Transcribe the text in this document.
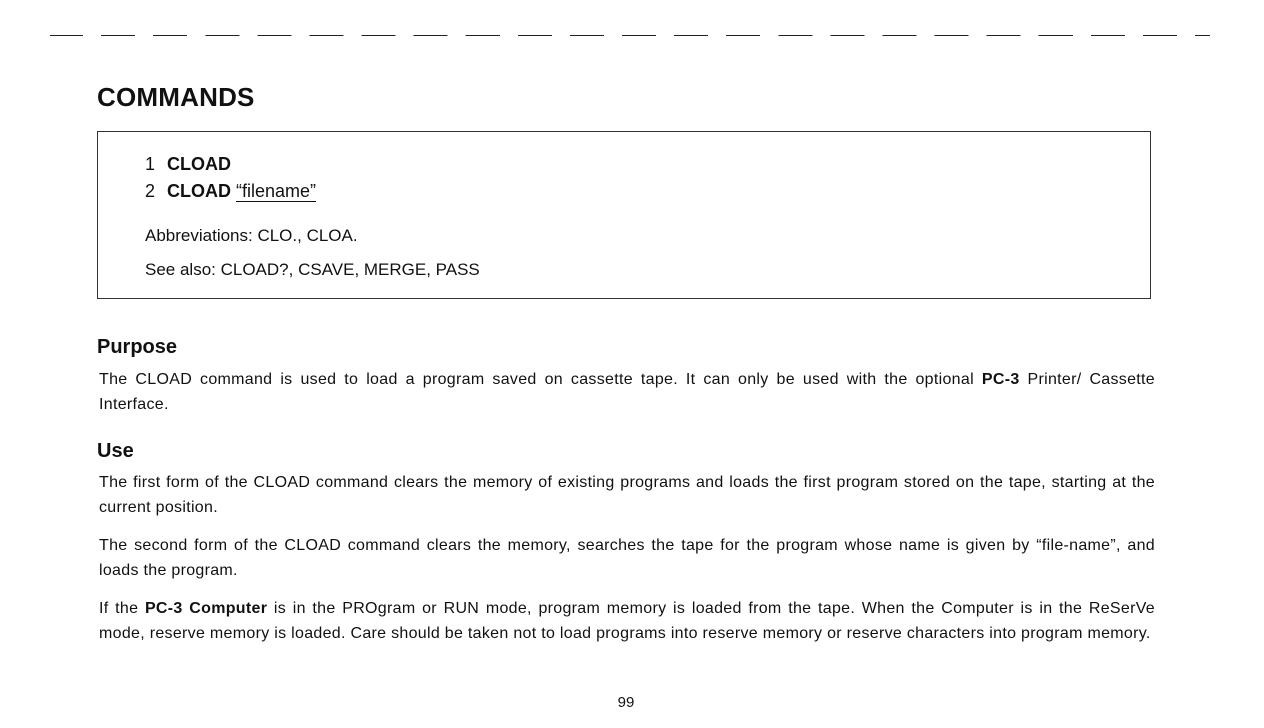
COMMANDS
1 CLOAD
2 CLOAD “filename”
Abbreviations: CLO., CLOA.
See also: CLOAD?, CSAVE, MERGE, PASS
Purpose
The CLOAD command is used to load a program saved on cassette tape. It can only be used with the optional PC-3 Printer/ Cassette Interface.
Use
The first form of the CLOAD command clears the memory of existing programs and loads the first program stored on the tape, starting at the current position.
The second form of the CLOAD command clears the memory, searches the tape for the program whose name is given by “file-name”, and loads the program.
If the PC-3 Computer is in the PROgram or RUN mode, program memory is loaded from the tape. When the Computer is in the ReSerVe mode, reserve memory is loaded. Care should be taken not to load programs into reserve memory or reserve characters into program memory.
99
